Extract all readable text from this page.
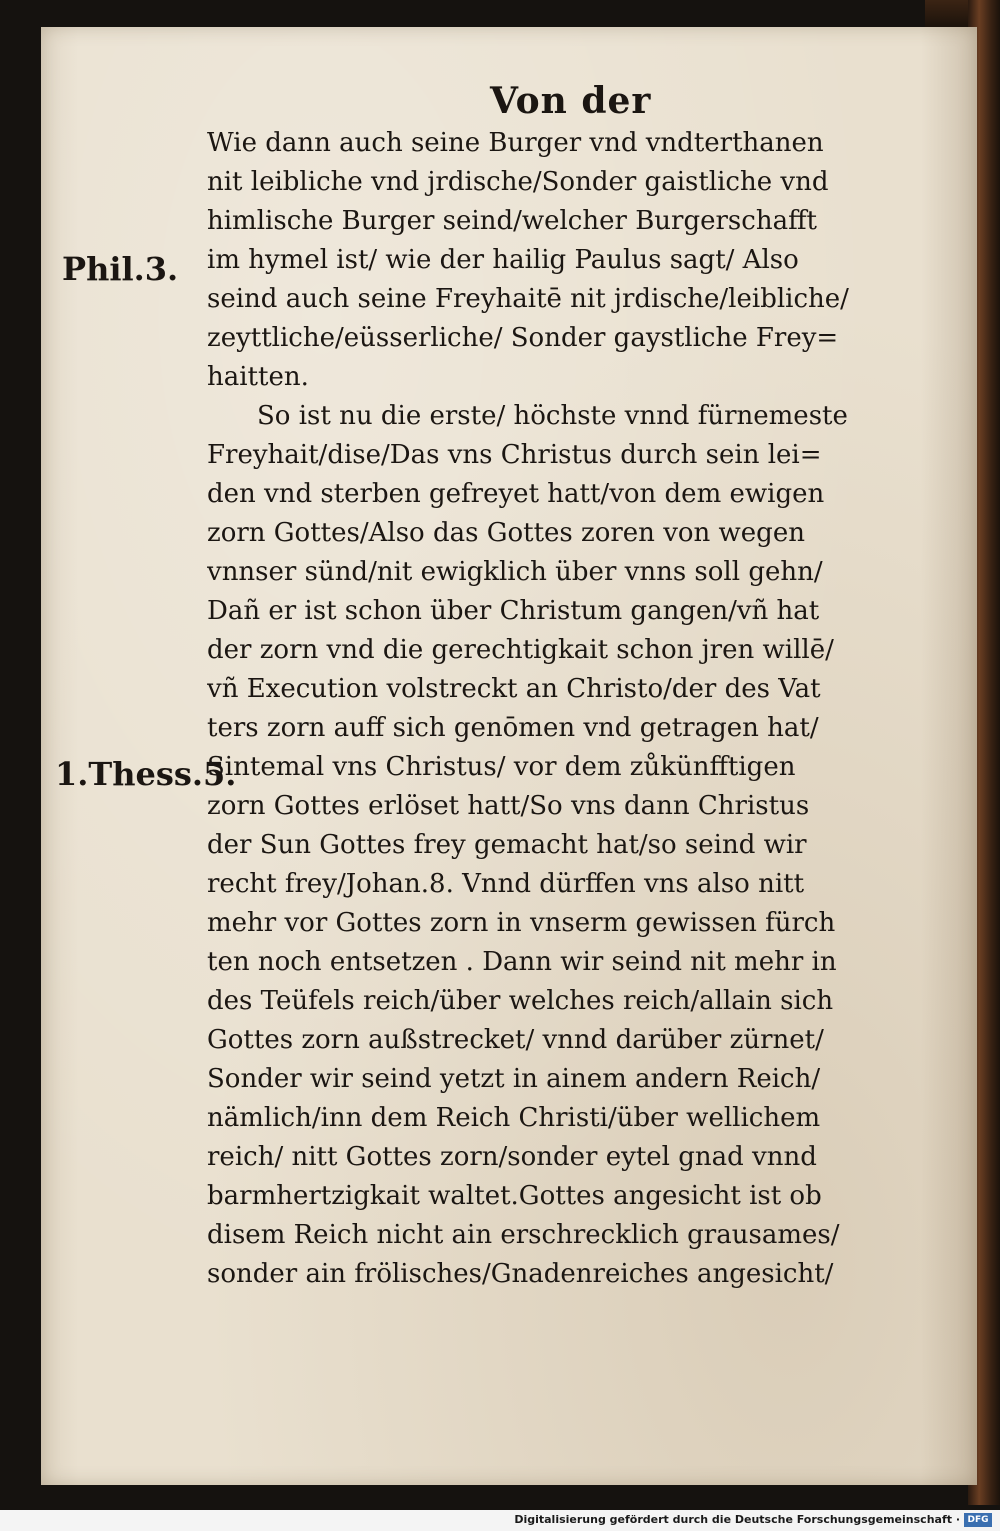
Von der
Phil.3.
1.Thess.5.
Wie dann auch seine Burger vnd vndterthanen
nit leibliche vnd jrdische/Sonder gaistliche vnd
himlische Burger seind/welcher Burgerschafft
im hymel ist/ wie der hailig Paulus sagt/ Also
seind auch seine Freyhaitē nit jrdische/leibliche/
zeyttliche/eüsserliche/ Sonder gaystliche Frey=
haitten.
So ist nu die erste/ höchste vnnd fürnemeste
Freyhait/dise/Das vns Christus durch sein lei=
den vnd sterben gefreyet hatt/von dem ewigen
zorn Gottes/Also das Gottes zoren von wegen
vnnser sünd/nit ewigklich über vnns soll gehn/
Dañ er ist schon über Christum gangen/vñ hat
der zorn vnd die gerechtigkait schon jren willē/
vñ Execution volstreckt an Christo/der des Vat
ters zorn auff sich genōmen vnd getragen hat/
Sintemal vns Christus/ vor dem zůkünfftigen
zorn Gottes erlöset hatt/So vns dann Christus
der Sun Gottes frey gemacht hat/so seind wir
recht frey/Johan.8. Vnnd dürffen vns also nitt
mehr vor Gottes zorn in vnserm gewissen fürch
ten noch entsetzen . Dann wir seind nit mehr in
des Teüfels reich/über welches reich/allain sich
Gottes zorn außstrecket/ vnnd darüber zürnet/
Sonder wir seind yetzt in ainem andern Reich/
nämlich/inn dem Reich Christi/über wellichem
reich/ nitt Gottes zorn/sonder eytel gnad vnnd
barmhertzigkait waltet.Gottes angesicht ist ob
disem Reich nicht ain erschrecklich grausames/
sonder ain frölisches/Gnadenreiches angesicht/
Digitalisierung gefördert durch die Deutsche Forschungsgemeinschaft · DFG
